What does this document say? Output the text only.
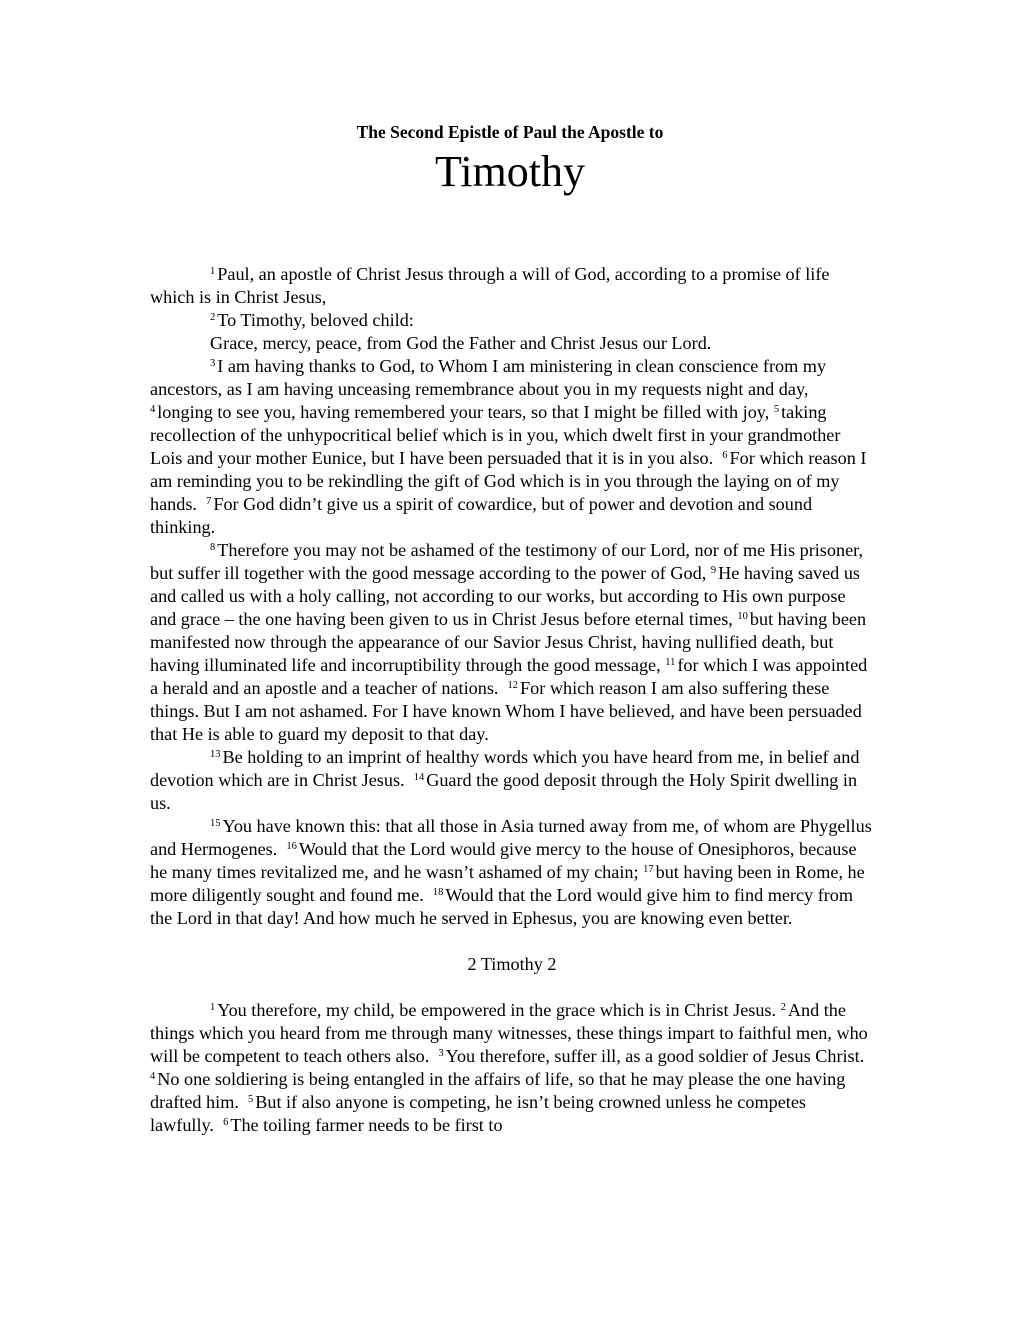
The Second Epistle of Paul the Apostle to
Timothy

$^1$ Paul, an apostle of Christ Jesus through a will of God, according to a promise of life which is in Christ Jesus,

$^2$ To Timothy, beloved child:

Grace, mercy, peace, from God the Father and Christ Jesus our Lord.

$^3$ I am having thanks to God, to Whom I am ministering in clean conscience from my ancestors, as I am having unceasing remembrance about you in my requests night and day, $^4$ longing to see you, having remembered your tears, so that I might be filled with joy, $^5$ taking recollection of the unhypocritical belief which is in you, which dwelt first in your grandmother Lois and your mother Eunice, but I have been persuaded that it is in you also. $^6$ For which reason I am reminding you to be rekindling the gift of God which is in you through the laying on of my hands. $^7$ For God didn’t give us a spirit of cowardice, but of power and devotion and sound thinking.

$^8$ Therefore you may not be ashamed of the testimony of our Lord, nor of me His prisoner, but suffer ill together with the good message according to the power of God, $^9$ He having saved us and called us with a holy calling, not according to our works, but according to His own purpose and grace – the one having been given to us in Christ Jesus before eternal times, $^{10}$ but having been manifested now through the appearance of our Savior Jesus Christ, having nullified death, but having illuminated life and incorruptibility through the good message, $^{11}$ for which I was appointed a herald and an apostle and a teacher of nations. $^{12}$ For which reason I am also suffering these things. But I am not ashamed. For I have known Whom I have believed, and have been persuaded that He is able to guard my deposit to that day.

$^{13}$ Be holding to an imprint of healthy words which you have heard from me, in belief and devotion which are in Christ Jesus. $^{14}$ Guard the good deposit through the Holy Spirit dwelling in us.

$^{15}$ You have known this: that all those in Asia turned away from me, of whom are Phygellus and Hermogenes. $^{16}$ Would that the Lord would give mercy to the house of Onesiphoros, because he many times revitalized me, and he wasn’t ashamed of my chain; $^{17}$ but having been in Rome, he more diligently sought and found me. $^{18}$ Would that the Lord would give him to find mercy from the Lord in that day! And how much he served in Ephesus, you are knowing even better.

2 Timothy 2

$^1$ You therefore, my child, be empowered in the grace which is in Christ Jesus. $^2$ And the things which you heard from me through many witnesses, these things impart to faithful men, who will be competent to teach others also. $^3$ You therefore, suffer ill, as a good soldier of Jesus Christ.  $^4$ No one soldiering is being entangled in the affairs of life, so that he may please the one having drafted him. $^5$ But if also anyone is competing, he isn’t being crowned unless he competes lawfully. $^6$ The toiling farmer needs to be first to
